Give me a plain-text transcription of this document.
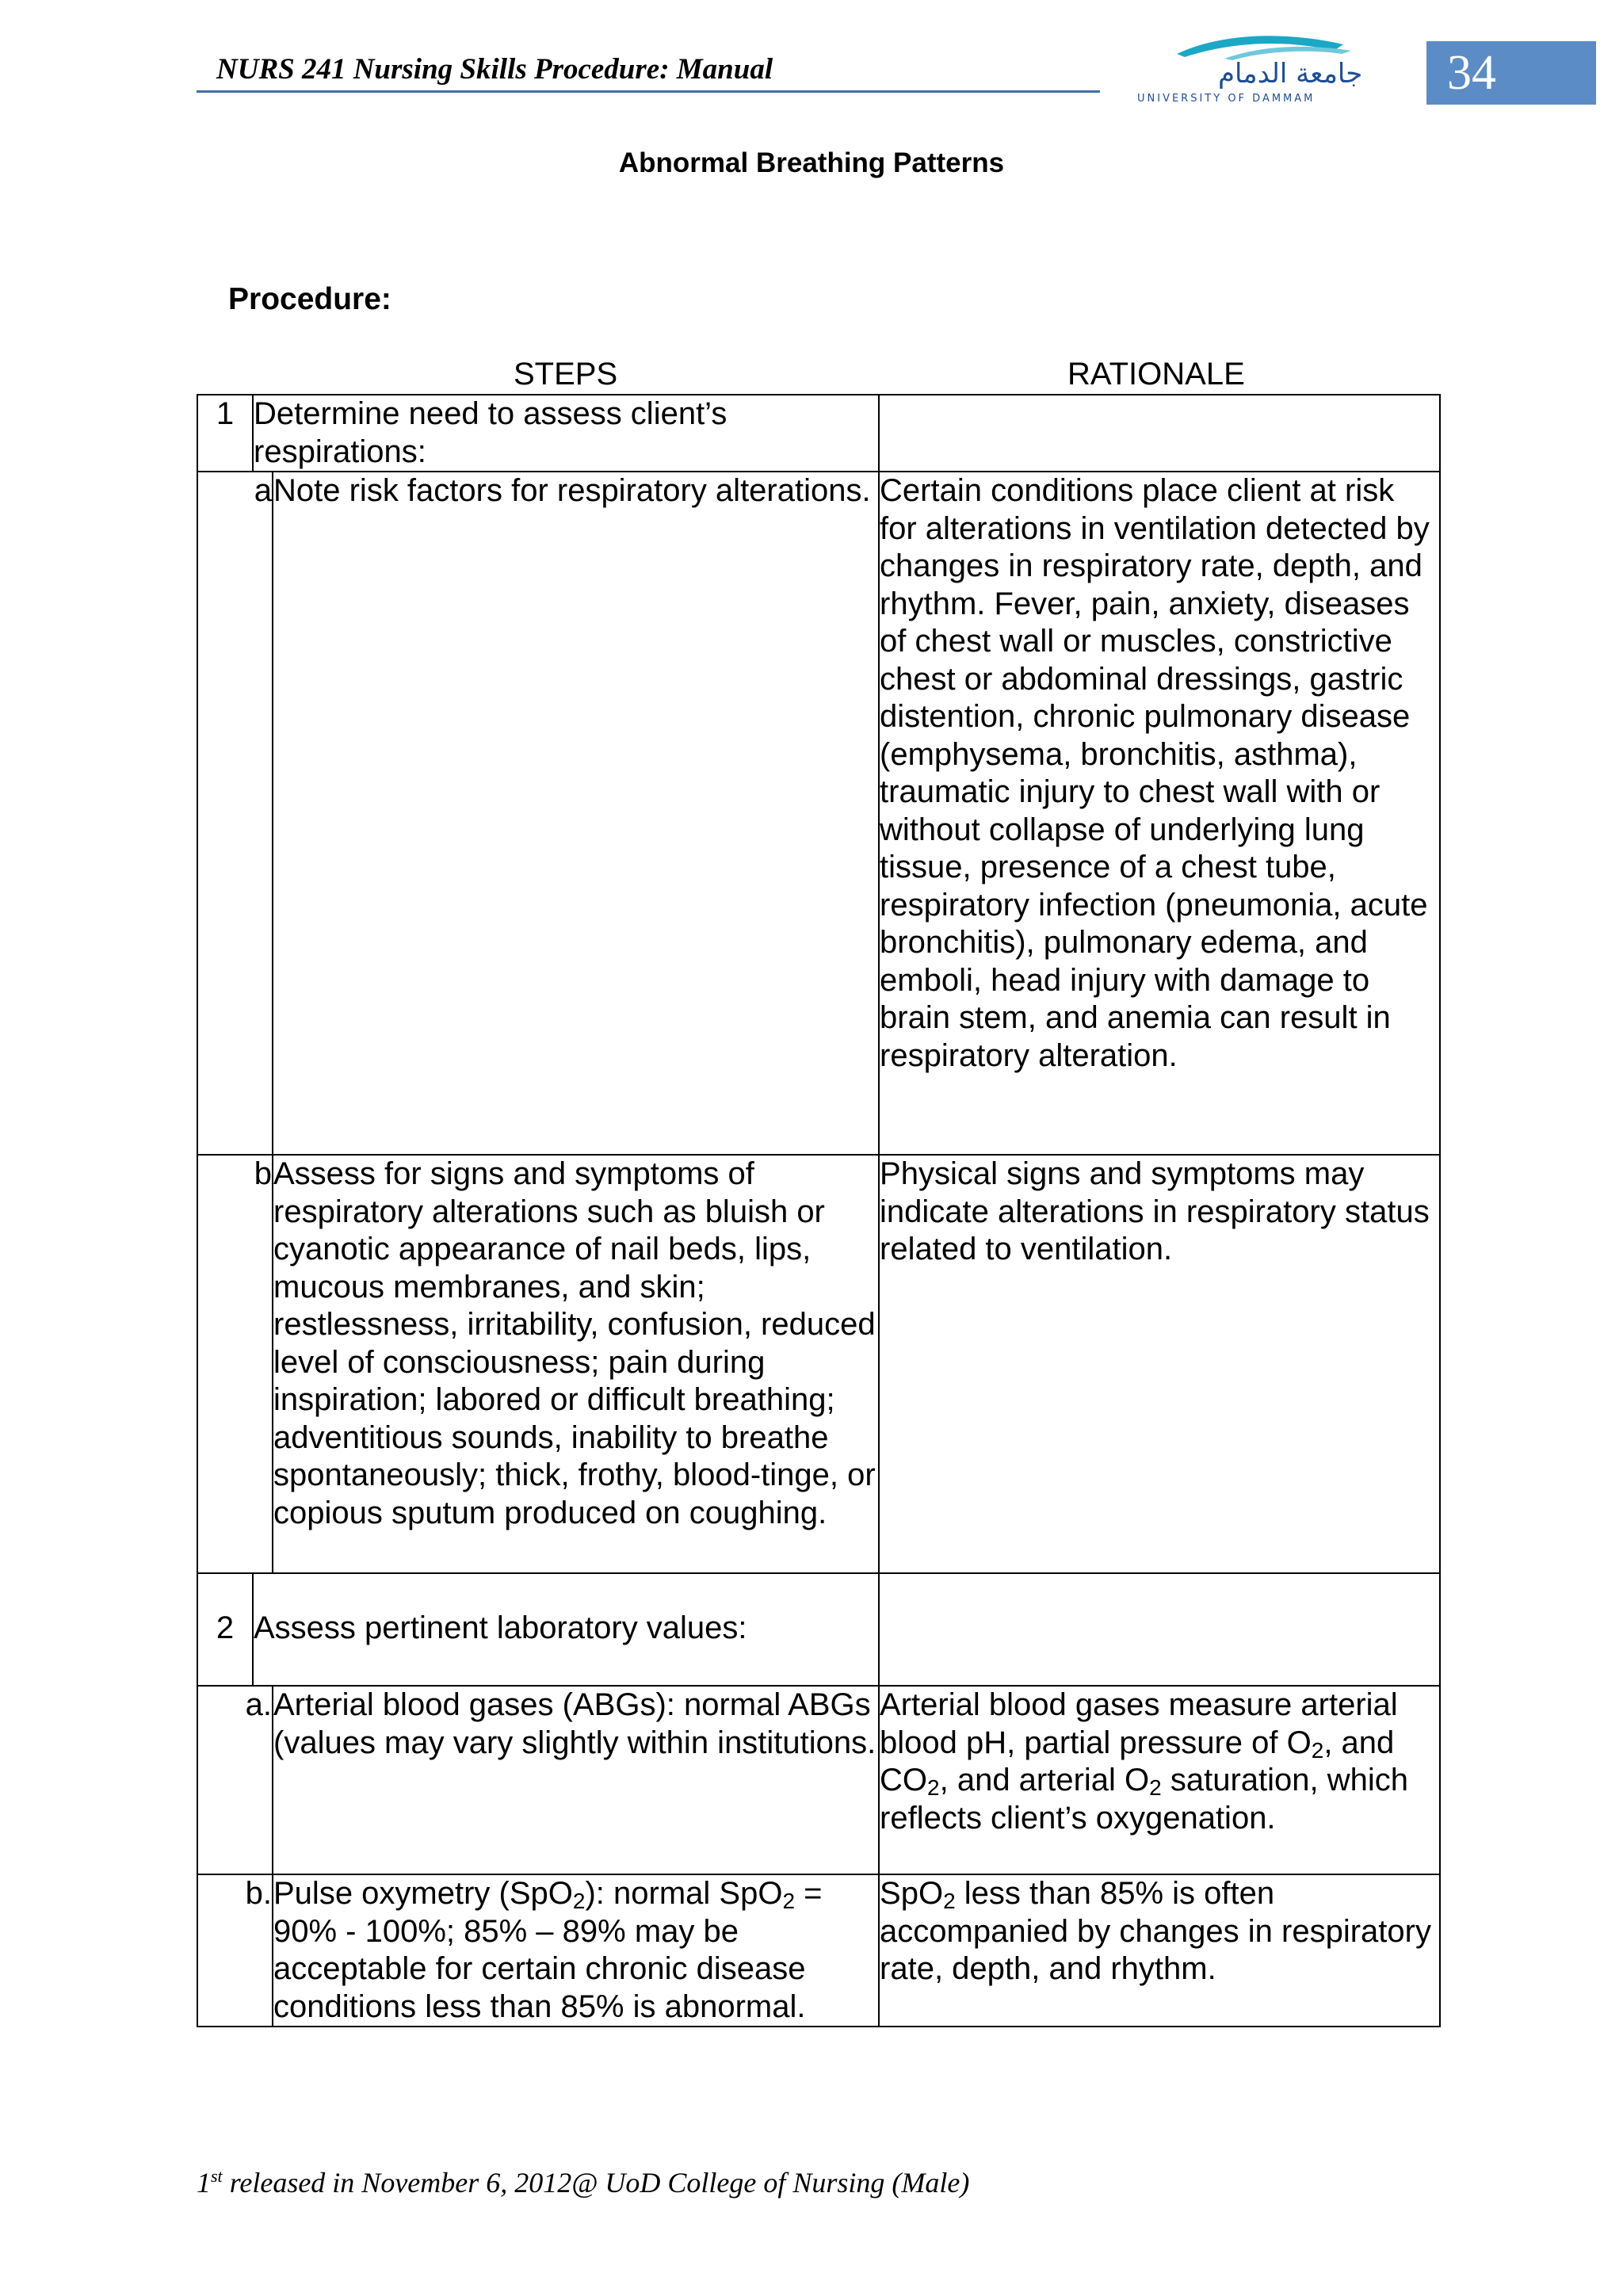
NURS 241 Nursing Skills Procedure: Manual	جامعة الدمام
UNIVERSITY OF DAMMAM	34
Abnormal Breathing Patterns
Procedure:
STEPS	RATIONALE
1	Determine need to assess client’s respirations:		
a		Note risk factors for respiratory alterations.	Certain conditions place client at risk for alterations in ventilation detected by changes in respiratory rate, depth, and rhythm. Fever, pain, anxiety, diseases of chest wall or muscles, constrictive chest or abdominal dressings, gastric distention, chronic pulmonary disease (emphysema, bronchitis, asthma), traumatic injury to chest wall with or without collapse of underlying lung tissue, presence of a chest tube, respiratory infection (pneumonia, acute bronchitis), pulmonary edema, and emboli, head injury with damage to brain stem, and anemia can result in respiratory alteration.
b		Assess for signs and symptoms of respiratory alterations such as bluish or cyanotic appearance of nail beds, lips, mucous membranes, and skin; restlessness, irritability, confusion, reduced level of consciousness; pain during inspiration; labored or difficult breathing; adventitious sounds, inability to breathe spontaneously; thick, frothy, blood-tinge, or copious sputum produced on coughing.	Physical signs and symptoms may indicate alterations in respiratory status related to ventilation.
2	Assess pertinent laboratory values:		
a.		Arterial blood gases (ABGs): normal ABGs (values may vary slightly within institutions.	Arterial blood gases measure arterial blood pH, partial pressure of $O_2$, and $CO_2$, and arterial $O_2$ saturation, which reflects client’s oxygenation.
b.		Pulse oxymetry (SpO$_2$): normal SpO$_2$ = 90% - 100%; 85% – 89% may be acceptable for certain chronic disease conditions less than 85% is abnormal.	SpO$_2$ less than 85% is often accompanied by changes in respiratory rate, depth, and rhythm.
1st released in November 6, 2012@ UoD College of Nursing (Male)
